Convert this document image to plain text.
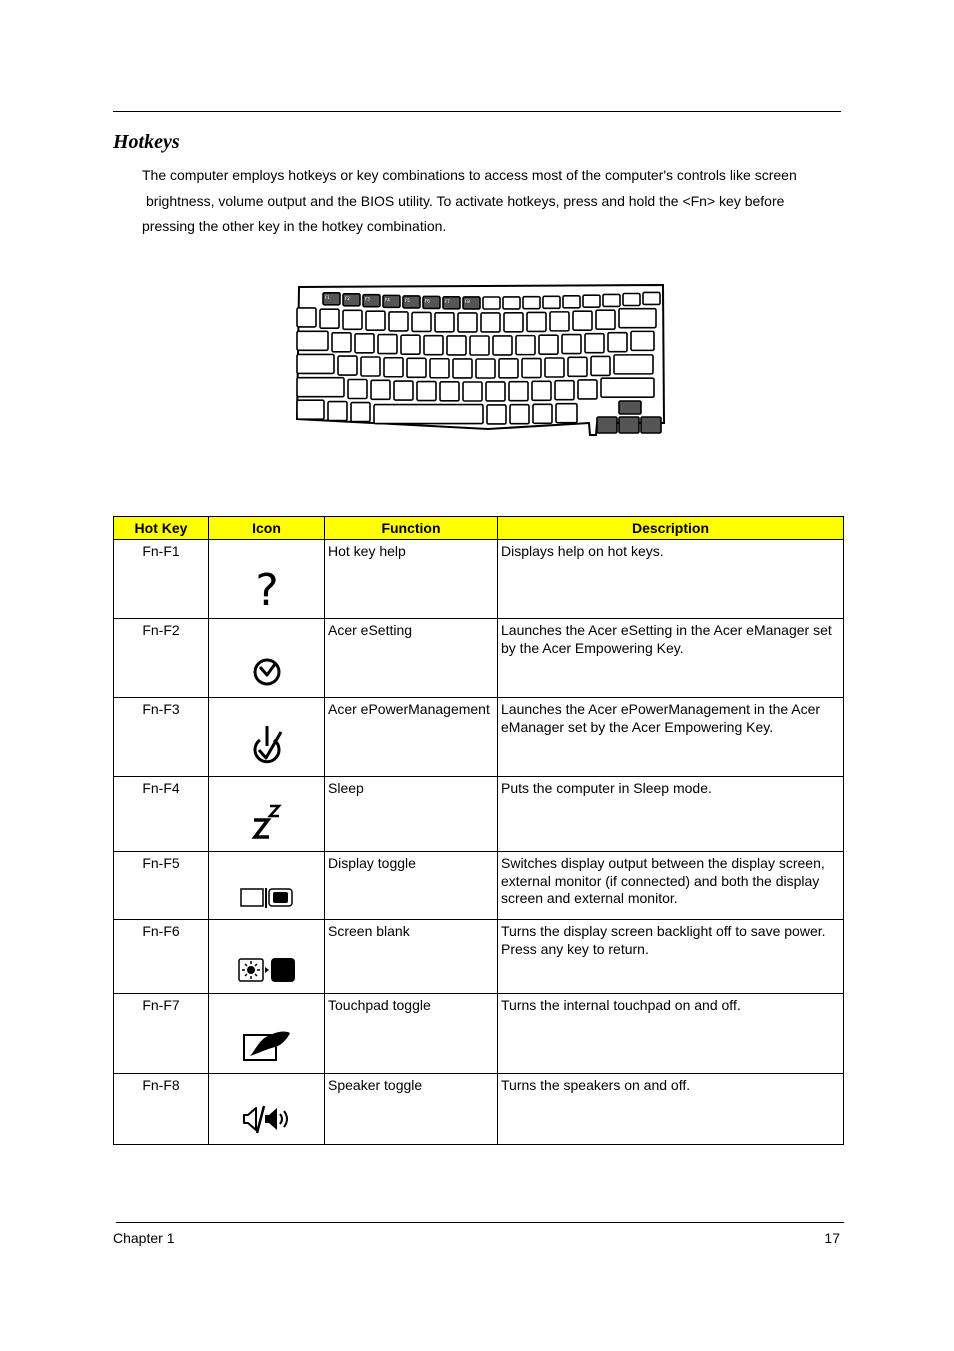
Hotkeys
The computer employs hotkeys or key combinations to access most of the computer's controls like screen
brightness, volume output and the BIOS utility. To activate hotkeys, press and hold the <Fn> key before
pressing the other key in the hotkey combination.
F1	F2	F3	F4	F5	F6	F7	F8
Hot Key	Icon	Function	Description
Fn-F1	?	Hot key help	Displays help on hot keys.
Fn-F2		Acer eSetting	Launches the Acer eSetting in the Acer eManager set by the Acer Empowering Key.
Fn-F3		Acer ePowerManagement	Launches the Acer ePowerManagement in the Acer eManager set by the Acer Empowering Key.
Fn-F4		Sleep	Puts the computer in Sleep mode.
Fn-F5		Display toggle	Switches display output between the display screen, external monitor (if connected) and both the display screen and external monitor.
Fn-F6		Screen blank	Turns the display screen backlight off to save power. Press any key to return.
Fn-F7		Touchpad toggle	Turns the internal touchpad on and off.
Fn-F8		Speaker toggle	Turns the speakers on and off.
Chapter 1	17
